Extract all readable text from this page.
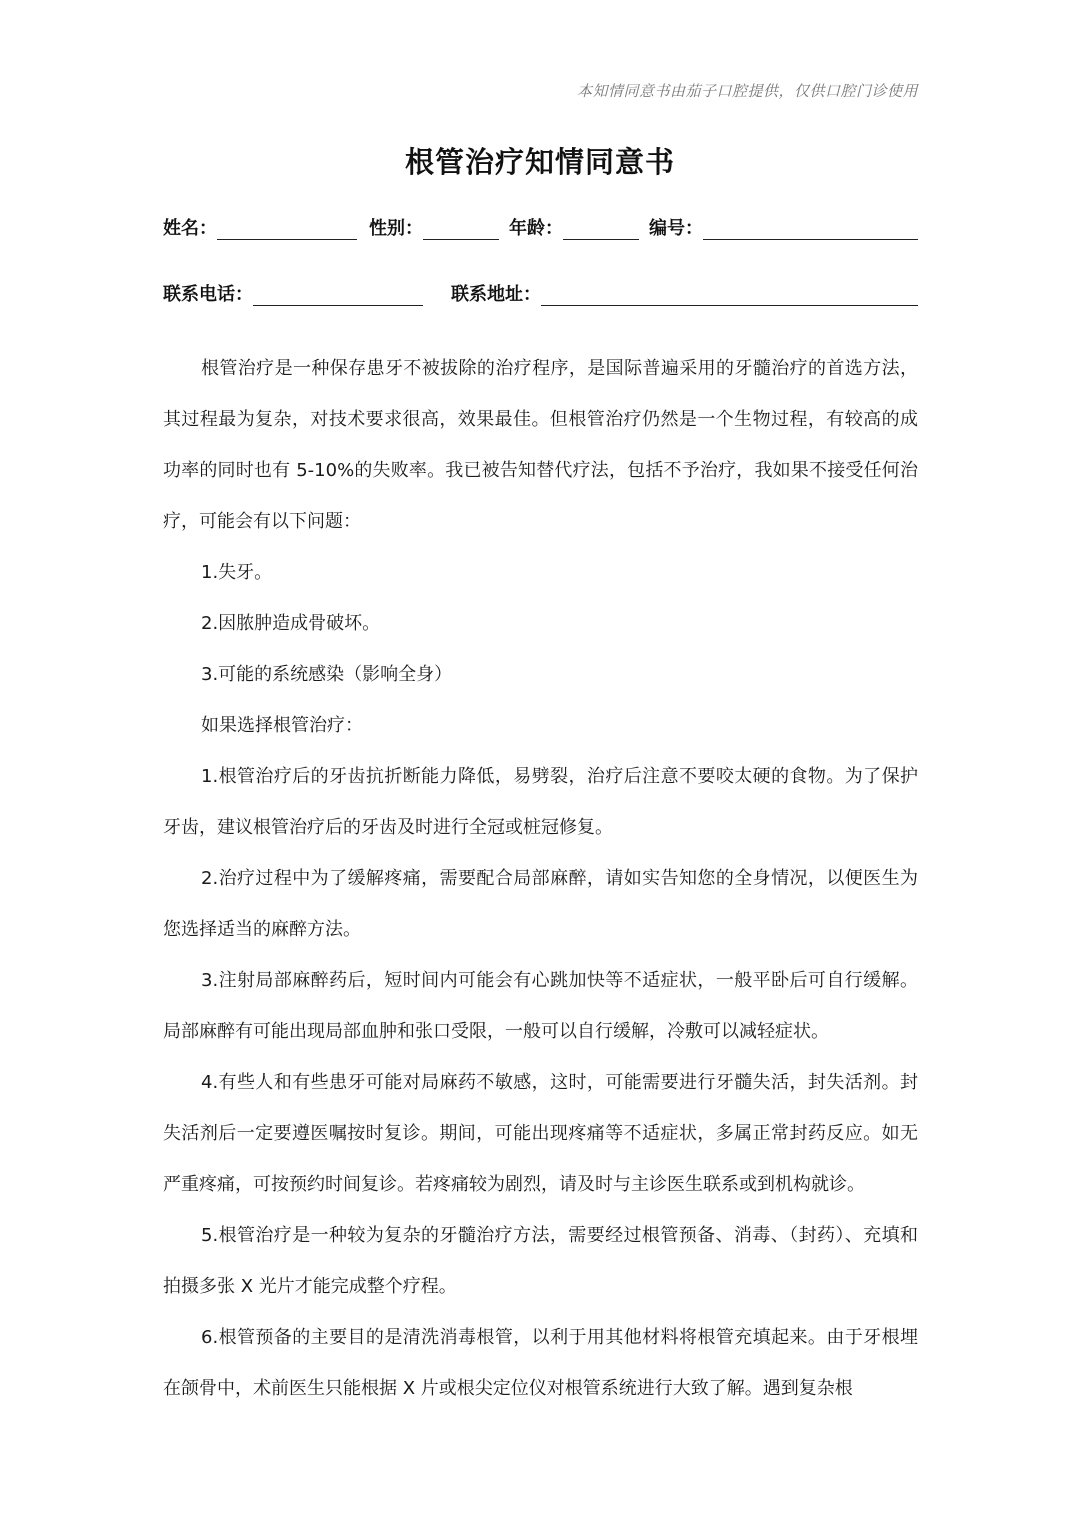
本知情同意书由茄子口腔提供，仅供口腔门诊使用
根管治疗知情同意书
姓名：	性别：	年龄：	编号：
联系电话：	联系地址：

根管治疗是一种保存患牙不被拔除的治疗程序，是国际普遍采用的牙髓治疗的首选方法，其过程最为复杂，对技术要求很高，效果最佳。但根管治疗仍然是一个生物过程，有较高的成功率的同时也有 5-10%的失败率。我已被告知替代疗法，包括不予治疗，我如果不接受任何治疗，可能会有以下问题：

1.失牙。

2.因脓肿造成骨破坏。

3.可能的系统感染（影响全身）

如果选择根管治疗：

1.根管治疗后的牙齿抗折断能力降低，易劈裂，治疗后注意不要咬太硬的食物。为了保护牙齿，建议根管治疗后的牙齿及时进行全冠或桩冠修复。

2.治疗过程中为了缓解疼痛，需要配合局部麻醉，请如实告知您的全身情况，以便医生为您选择适当的麻醉方法。

3.注射局部麻醉药后，短时间内可能会有心跳加快等不适症状，一般平卧后可自行缓解。局部麻醉有可能出现局部血肿和张口受限，一般可以自行缓解，冷敷可以减轻症状。

4.有些人和有些患牙可能对局麻药不敏感，这时，可能需要进行牙髓失活，封失活剂。封失活剂后一定要遵医嘱按时复诊。期间，可能出现疼痛等不适症状，多属正常封药反应。如无严重疼痛，可按预约时间复诊。若疼痛较为剧烈，请及时与主诊医生联系或到机构就诊。

5.根管治疗是一种较为复杂的牙髓治疗方法，需要经过根管预备、消毒、（封药）、充填和拍摄多张 X 光片才能完成整个疗程。

6.根管预备的主要目的是清洗消毒根管，以利于用其他材料将根管充填起来。由于牙根埋在颌骨中，术前医生只能根据 X 片或根尖定位仪对根管系统进行大致了解。遇到复杂根
